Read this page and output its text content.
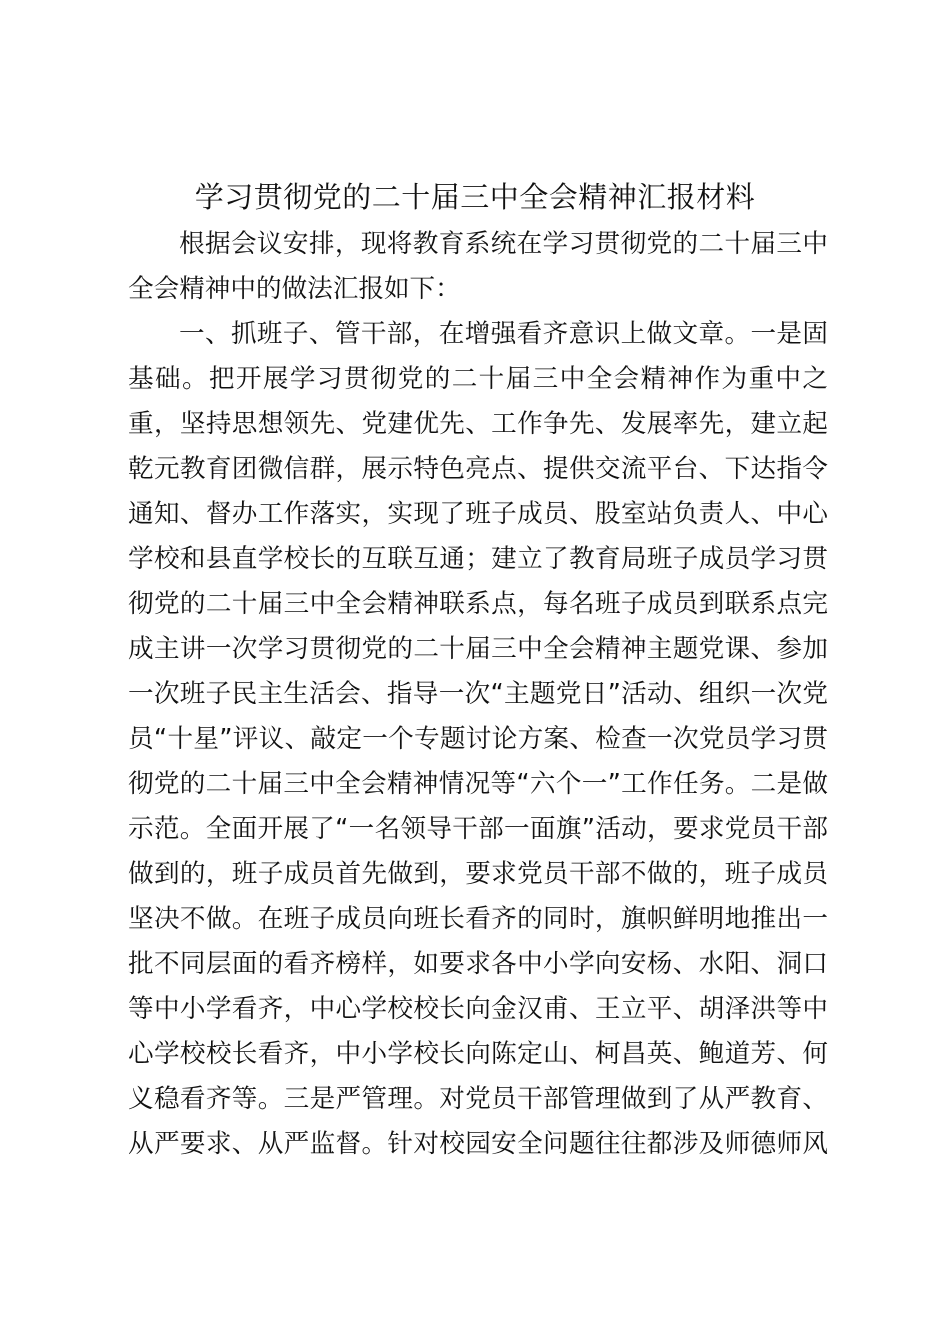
学习贯彻党的二十届三中全会精神汇报材料
根据会议安排，现将教育系统在学习贯彻党的二十届三中
全会精神中的做法汇报如下：
一、抓班子、管干部，在增强看齐意识上做文章。一是固
基础。把开展学习贯彻党的二十届三中全会精神作为重中之
重，坚持思想领先、党建优先、工作争先、发展率先，建立起
乾元教育团微信群，展示特色亮点、提供交流平台、下达指令
通知、督办工作落实，实现了班子成员、股室站负责人、中心
学校和县直学校长的互联互通；建立了教育局班子成员学习贯
彻党的二十届三中全会精神联系点，每名班子成员到联系点完
成主讲一次学习贯彻党的二十届三中全会精神主题党课、参加
一次班子民主生活会、指导一次“主题党日”活动、组织一次党
员“十星”评议、敲定一个专题讨论方案、检查一次党员学习贯
彻党的二十届三中全会精神情况等“六个一”工作任务。二是做
示范。全面开展了“一名领导干部一面旗”活动，要求党员干部
做到的，班子成员首先做到，要求党员干部不做的，班子成员
坚决不做。在班子成员向班长看齐的同时，旗帜鲜明地推出一
批不同层面的看齐榜样，如要求各中小学向安杨、水阳、洞口
等中小学看齐，中心学校校长向金汉甫、王立平、胡泽洪等中
心学校校长看齐，中小学校长向陈定山、柯昌英、鲍道芳、何
义稳看齐等。三是严管理。对党员干部管理做到了从严教育、
从严要求、从严监督。针对校园安全问题往往都涉及师德师风
